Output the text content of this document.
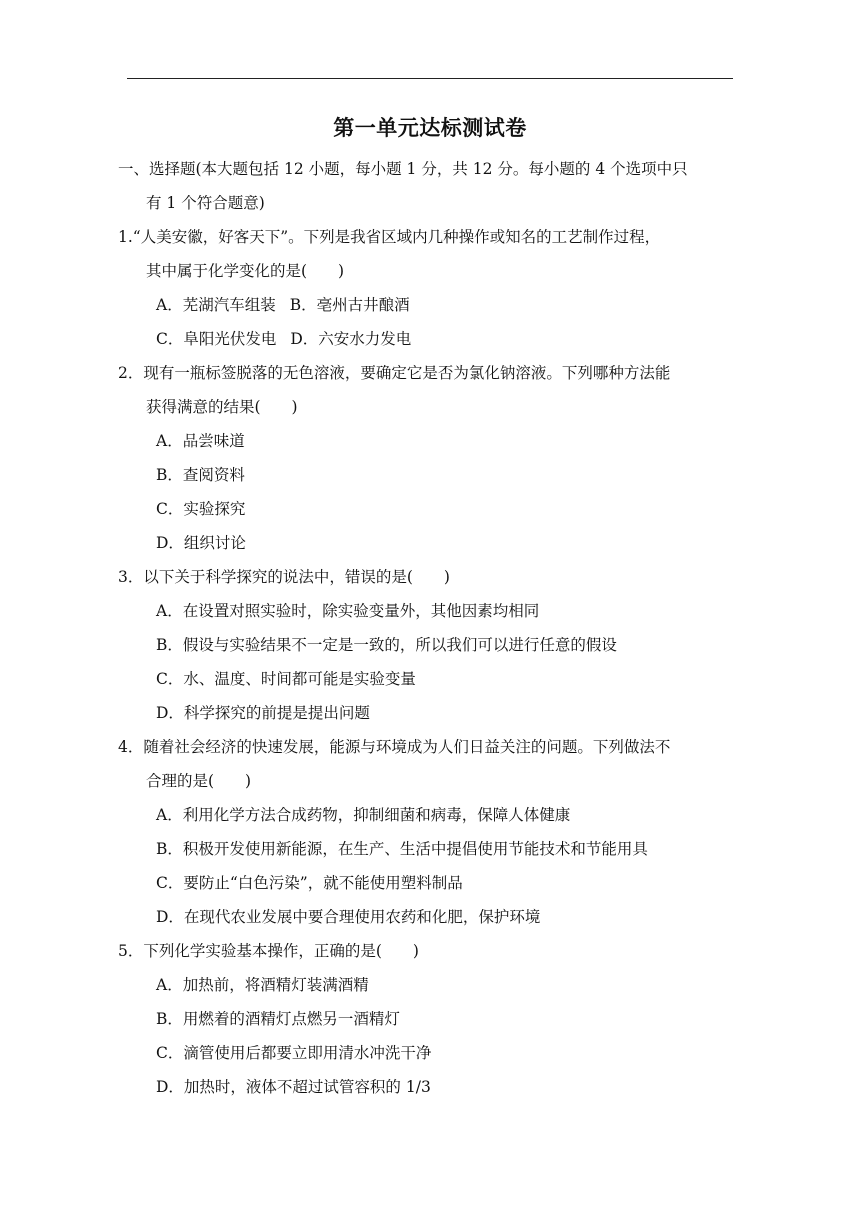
第一单元达标测试卷
一、选择题(本大题包括 12 小题，每小题 1 分，共 12 分。每小题的 4 个选项中只
有 1 个符合题意)
1.“人美安徽，好客天下”。下列是我省区域内几种操作或知名的工艺制作过程，
其中属于化学变化的是(　　)
A．芜湖汽车组装 B．亳州古井酿酒
C．阜阳光伏发电 D．六安水力发电
2．现有一瓶标签脱落的无色溶液，要确定它是否为氯化钠溶液。下列哪种方法能
获得满意的结果(　　)
A．品尝味道
B．查阅资料
C．实验探究
D．组织讨论
3．以下关于科学探究的说法中，错误的是(　　)
A．在设置对照实验时，除实验变量外，其他因素均相同
B．假设与实验结果不一定是一致的，所以我们可以进行任意的假设
C．水、温度、时间都可能是实验变量
D．科学探究的前提是提出问题
4．随着社会经济的快速发展，能源与环境成为人们日益关注的问题。下列做法不
合理的是(　　)
A．利用化学方法合成药物，抑制细菌和病毒，保障人体健康
B．积极开发使用新能源，在生产、生活中提倡使用节能技术和节能用具
C．要防止“白色污染”，就不能使用塑料制品
D．在现代农业发展中要合理使用农药和化肥，保护环境
5．下列化学实验基本操作，正确的是(　　)
A．加热前，将酒精灯装满酒精
B．用燃着的酒精灯点燃另一酒精灯
C．滴管使用后都要立即用清水冲洗干净
D．加热时，液体不超过试管容积的 1/3
